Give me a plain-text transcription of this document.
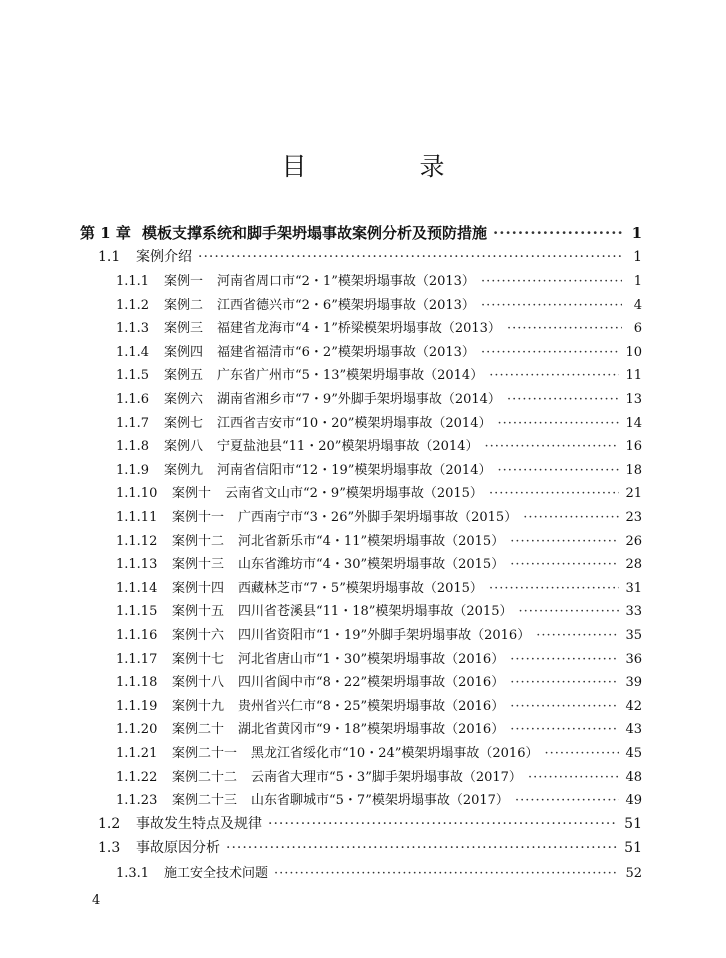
目　录
第 1 章 模板支撑系统和脚手架坍塌事故案例分析及预防措施 ·····	1
1.1	案例介绍 ·····	1
1.1.1	案例一 河南省周口市“2・1”模架坍塌事故（2013） ·····	1
1.1.2	案例二 江西省德兴市“2・6”模架坍塌事故（2013） ·····	4
1.1.3	案例三 福建省龙海市“4・1”桥梁模架坍塌事故（2013） ·····	6
1.1.4	案例四 福建省福清市“6・2”模架坍塌事故（2013） ·····	10
1.1.5	案例五 广东省广州市“5・13”模架坍塌事故（2014） ·····	11
1.1.6	案例六 湖南省湘乡市“7・9”外脚手架坍塌事故（2014） ·····	13
1.1.7	案例七 江西省吉安市“10・20”模架坍塌事故（2014） ·····	14
1.1.8	案例八 宁夏盐池县“11・20”模架坍塌事故（2014） ·····	16
1.1.9	案例九 河南省信阳市“12・19”模架坍塌事故（2014） ·····	18
1.1.10	案例十 云南省文山市“2・9”模架坍塌事故（2015） ·····	21
1.1.11	案例十一 广西南宁市“3・26”外脚手架坍塌事故（2015） ·····	23
1.1.12	案例十二 河北省新乐市“4・11”模架坍塌事故（2015） ·····	26
1.1.13	案例十三 山东省潍坊市“4・30”模架坍塌事故（2015） ·····	28
1.1.14	案例十四 西藏林芝市“7・5”模架坍塌事故（2015） ·····	31
1.1.15	案例十五 四川省苍溪县“11・18”模架坍塌事故（2015） ·····	33
1.1.16	案例十六 四川省资阳市“1・19”外脚手架坍塌事故（2016） ·····	35
1.1.17	案例十七 河北省唐山市“1・30”模架坍塌事故（2016） ·····	36
1.1.18	案例十八 四川省阆中市“8・22”模架坍塌事故（2016） ·····	39
1.1.19	案例十九 贵州省兴仁市“8・25”模架坍塌事故（2016） ·····	42
1.1.20	案例二十 湖北省黄冈市“9・18”模架坍塌事故（2016） ·····	43
1.1.21	案例二十一 黑龙江省绥化市“10・24”模架坍塌事故（2016） ·····	45
1.1.22	案例二十二 云南省大理市“5・3”脚手架坍塌事故（2017） ·····	48
1.1.23	案例二十三 山东省聊城市“5・7”模架坍塌事故（2017） ·····	49
1.2	事故发生特点及规律 ·····	51
1.3	事故原因分析 ·····	51
1.3.1	施工安全技术问题 ·····	52
4
